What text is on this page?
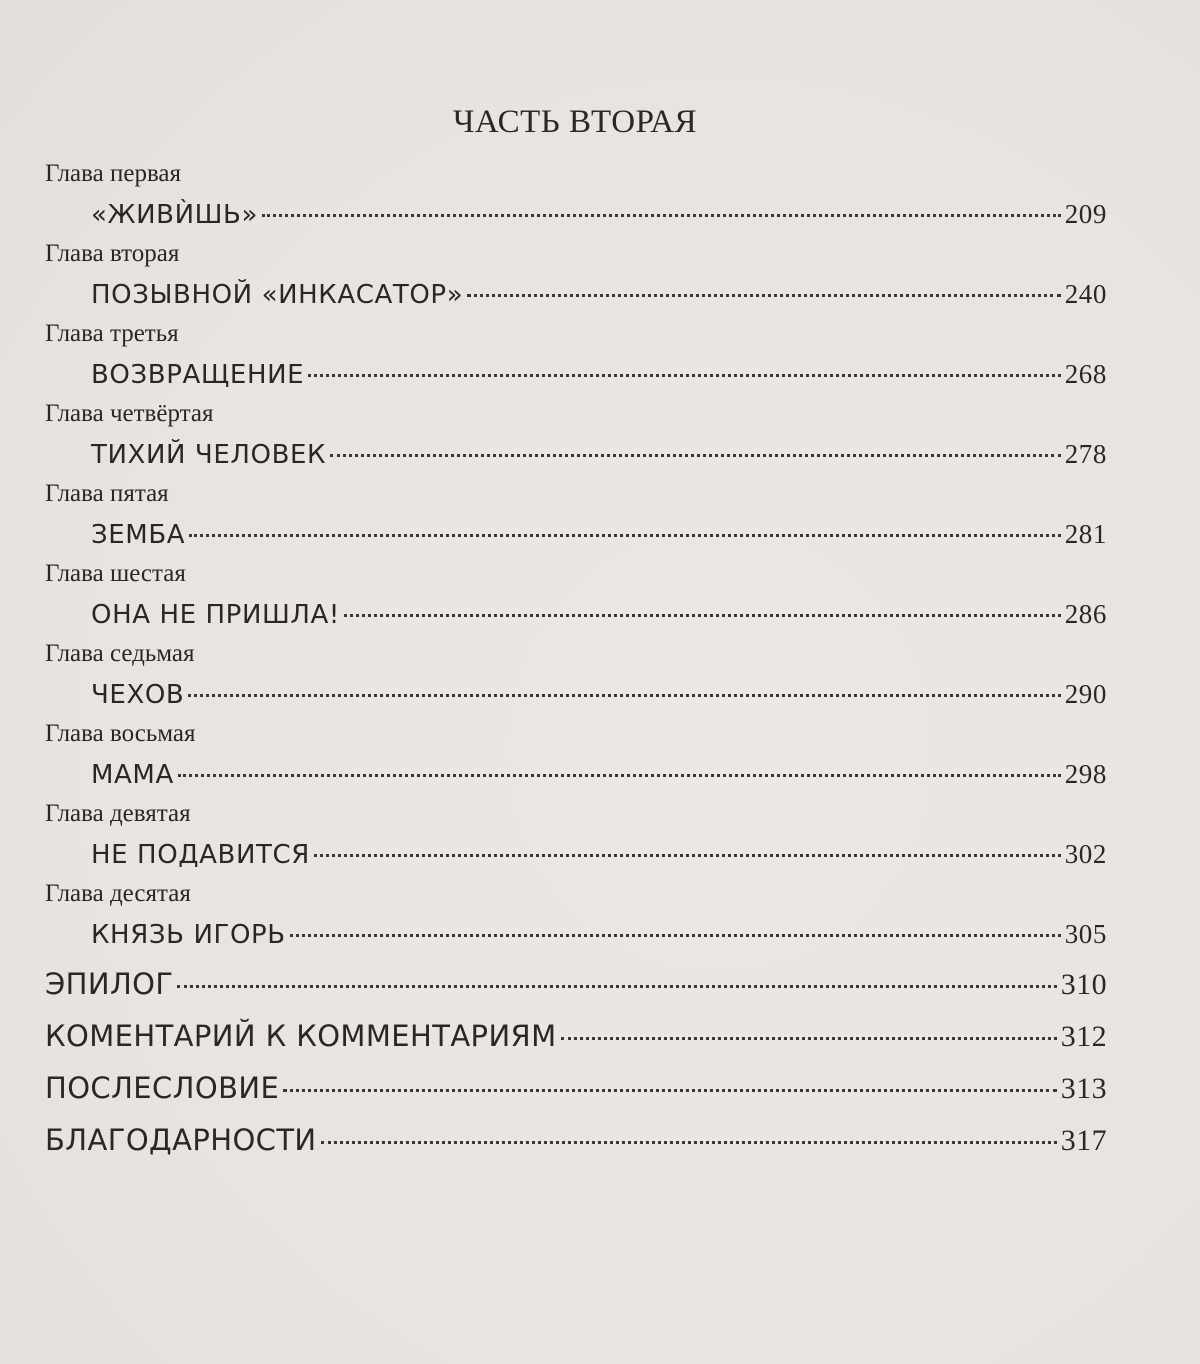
ЧАСТЬ ВТОРАЯ
Глава первая
«ЖИВЍШЬ»	209
Глава вторая
ПОЗЫВНОЙ «ИНКАСАТОР»	240
Глава третья
ВОЗВРАЩЕНИЕ	268
Глава четвёртая
ТИХИЙ ЧЕЛОВЕК	278
Глава пятая
ЗЕМБА	281
Глава шестая
ОНА НЕ ПРИШЛА!	286
Глава седьмая
ЧЕХОВ	290
Глава восьмая
МАМА	298
Глава девятая
НЕ ПОДАВИТСЯ	302
Глава десятая
КНЯЗЬ ИГОРЬ	305
ЭПИЛОГ	310
КОМЕНТАРИЙ К КОММЕНТАРИЯМ	312
ПОСЛЕСЛОВИЕ	313
БЛАГОДАРНОСТИ	317
